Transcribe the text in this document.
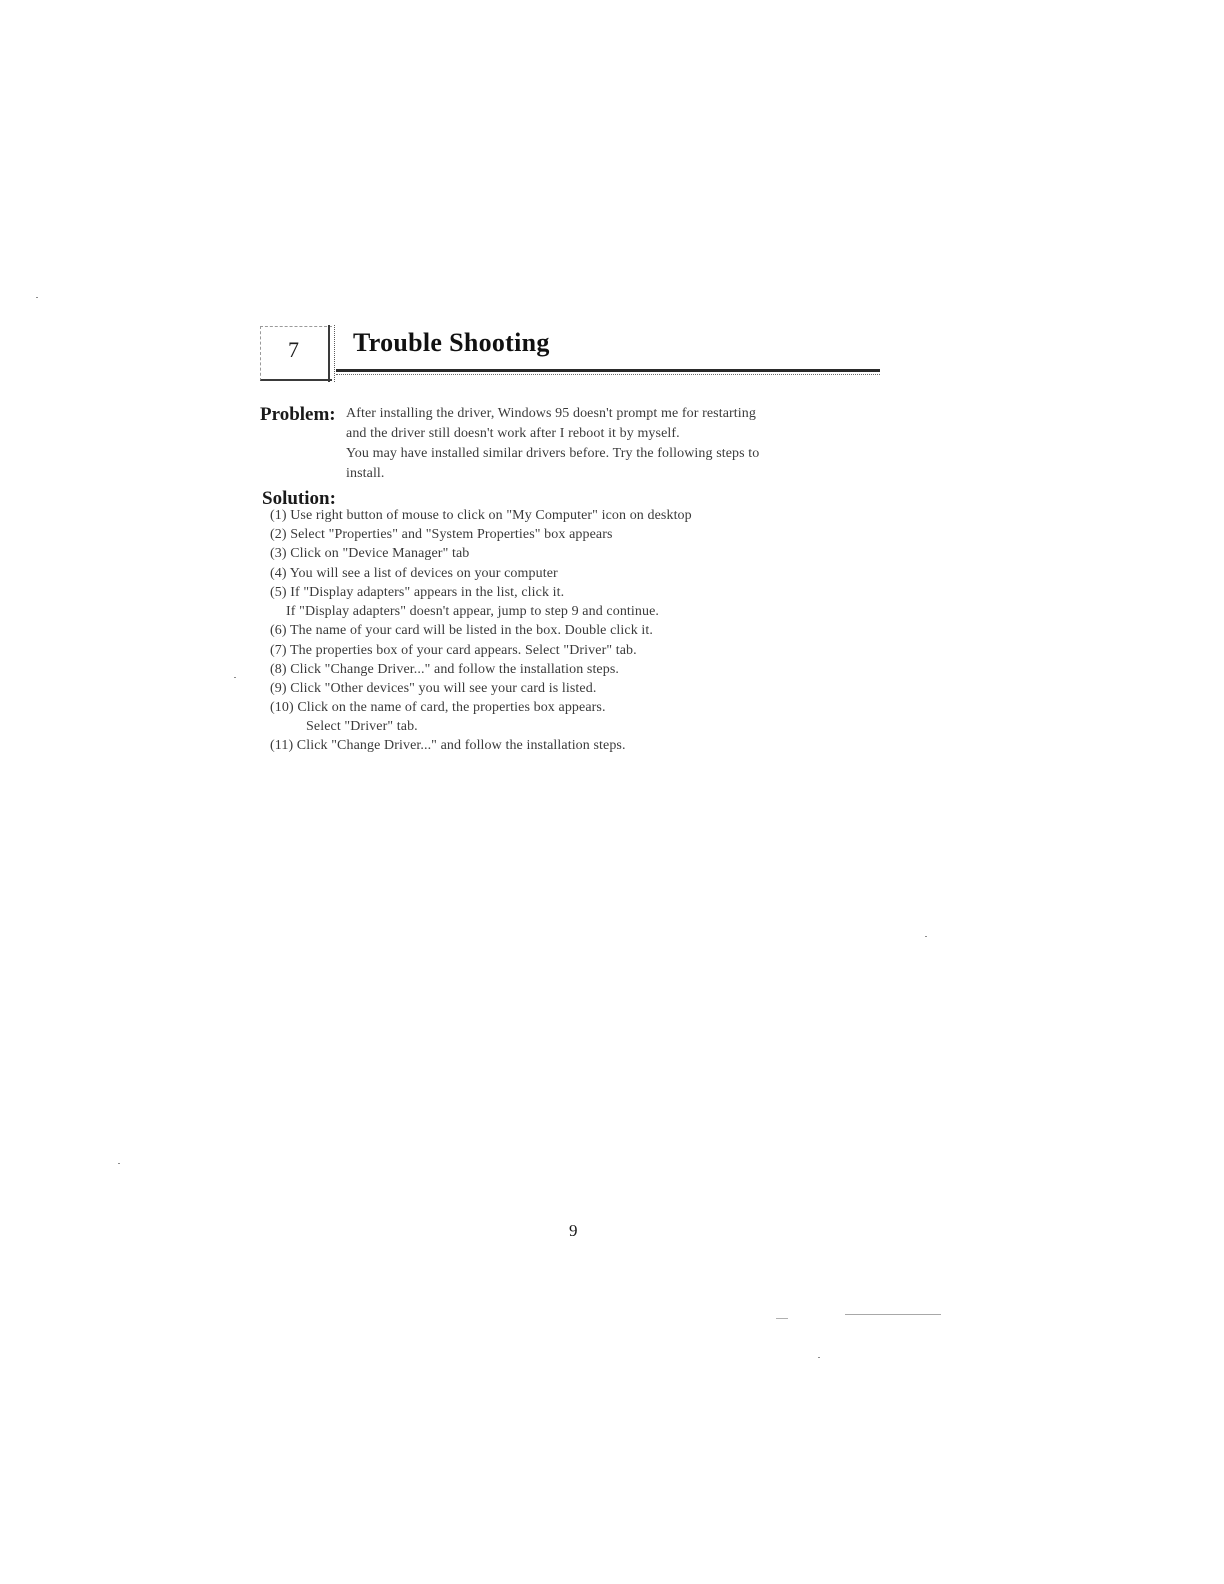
7 Trouble Shooting
Problem: After installing the driver, Windows 95 doesn't prompt me for restarting
and the driver still doesn't work after I reboot it by myself.
You may have installed similar drivers before. Try the following steps to
install.
Solution:
(1) Use right button of mouse to click on "My Computer" icon on desktop
(2) Select "Properties" and "System Properties" box appears
(3) Click on "Device Manager" tab
(4) You will see a list of devices on your computer
(5) If "Display adapters" appears in the list, click it.
If "Display adapters" doesn't appear, jump to step 9 and continue.
(6) The name of your card will be listed in the box. Double click it.
(7) The properties box of your card appears. Select "Driver" tab.
(8) Click "Change Driver..." and follow the installation steps.
(9) Click "Other devices" you will see your card is listed.
(10) Click on the name of card, the properties box appears.
Select "Driver" tab.
(11) Click "Change Driver..." and follow the installation steps.
9
